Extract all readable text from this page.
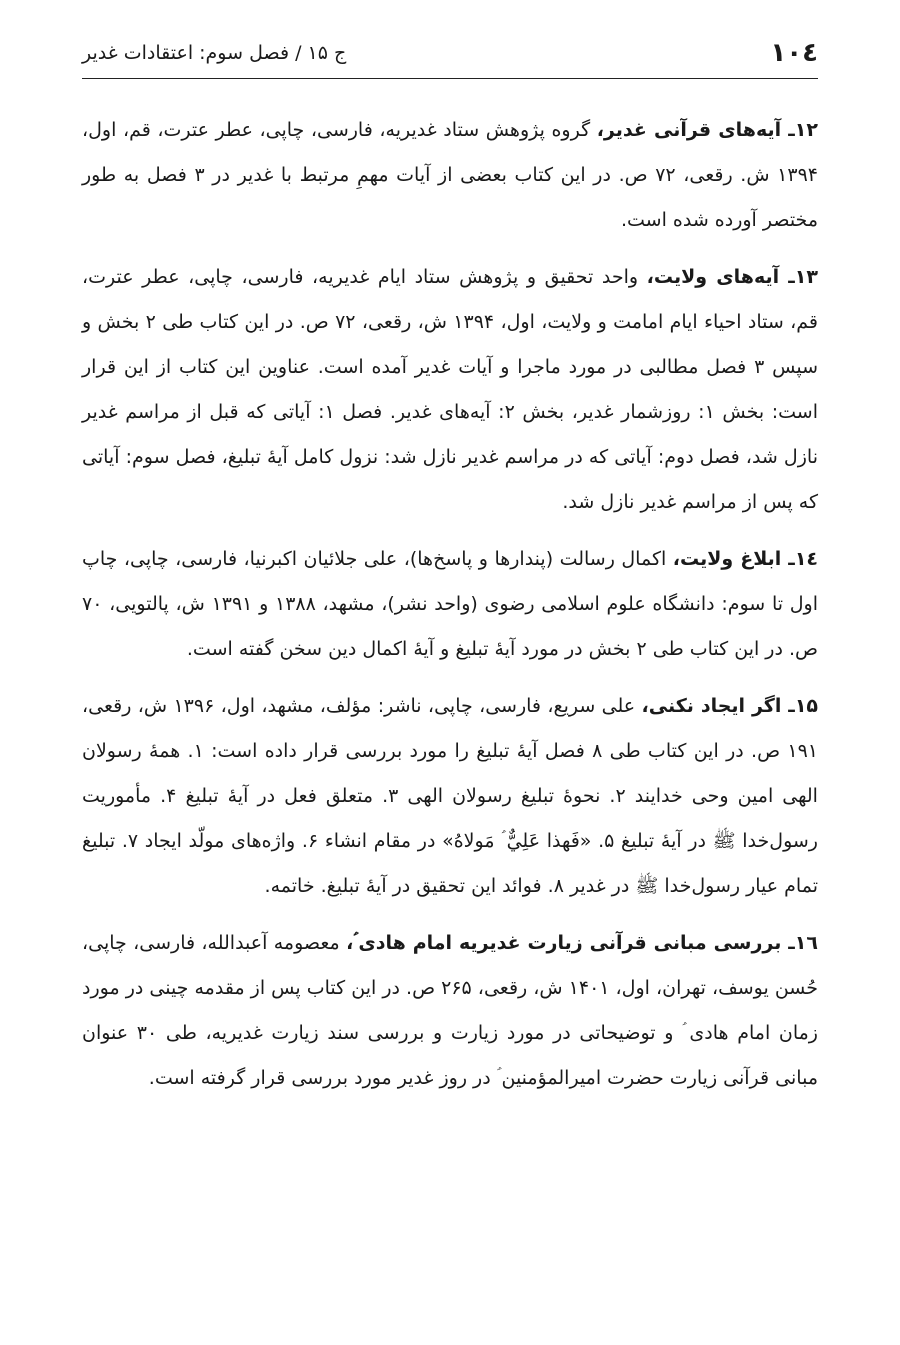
۱۰٤
ج ۱۵ / فصل سوم: اعتقادات غدیر

۱۲ـ آیه‌های قرآنی غدیر، گروه پژوهش ستاد غدیریه، فارسی، چاپی، عطر عترت، قم، اول، ۱۳۹۴ ش. رقعی، ۷۲ ص. در این کتاب بعضی از آیات مهمِ مرتبط با غدیر در ۳ فصل به طور مختصر آورده شده است.

۱۳ـ آیه‌های ولایت، واحد تحقیق و پژوهش ستاد ایام غدیریه، فارسی، چاپی، عطر عترت، قم، ستاد احیاء ایام امامت و ولایت، اول، ۱۳۹۴ ش، رقعی، ۷۲ ص. در این کتاب طی ۲ بخش و سپس ۳ فصل مطالبی در مورد ماجرا و آیات غدیر آمده است. عناوین این کتاب از این قرار است: بخش ۱: روزشمار غدیر، بخش ۲: آیه‌های غدیر. فصل ۱: آیاتی که قبل از مراسم غدیر نازل شد، فصل دوم: آیاتی که در مراسم غدیر نازل شد: نزول کامل آیهٔ تبلیغ، فصل سوم: آیاتی که پس از مراسم غدیر نازل شد.

۱٤ـ ابلاغ ولایت، اکمال رسالت (پندارها و پاسخ‌ها)، علی جلائیان اکبرنیا، فارسی، چاپی، چاپ اول تا سوم: دانشگاه علوم اسلامی رضوی (واحد نشر)، مشهد، ۱۳۸۸ و ۱۳۹۱ ش، پالتویی، ۷۰ ص. در این کتاب طی ۲ بخش در مورد آیهٔ تبلیغ و آیهٔ اکمال دین سخن گفته است.

۱۵ـ اگر ایجاد نکنی، علی سریع، فارسی، چاپی، ناشر: مؤلف، مشهد، اول، ۱۳۹۶ ش، رقعی، ۱۹۱ ص. در این کتاب طی ۸ فصل آیهٔ تبلیغ را مورد بررسی قرار داده است: ۱. همهٔ رسولان الهی امین وحی خدایند ۲. نحوهٔ تبلیغ رسولان الهی ۳. متعلق فعل در آیهٔ تبلیغ ۴. مأموریت رسول‌خدا ﷺ در آیهٔ تبلیغ ۵. «فَهذا عَلِيٌّ ؑ مَولاهُ» در مقام انشاء ۶. واژه‌های مولّد ایجاد ۷. تبلیغ تمام عیار رسول‌خدا ﷺ در غدیر ۸. فوائد این تحقیق در آیهٔ تبلیغ. خاتمه.

۱٦ـ بررسی مبانی قرآنی زیارت غدیریه امام هادی ؑ، معصومه آعبدالله، فارسی، چاپی، حُسن یوسف، تهران، اول، ۱۴۰۱ ش، رقعی، ۲۶۵ ص. در این کتاب پس از مقدمه چینی در مورد زمان امام هادی ؑ و توضیحاتی در مورد زیارت و بررسی سند زیارت غدیریه، طی ۳۰ عنوان مبانی قرآنی زیارت حضرت امیرالمؤمنین ؑ در روز غدیر مورد بررسی قرار گرفته است.
